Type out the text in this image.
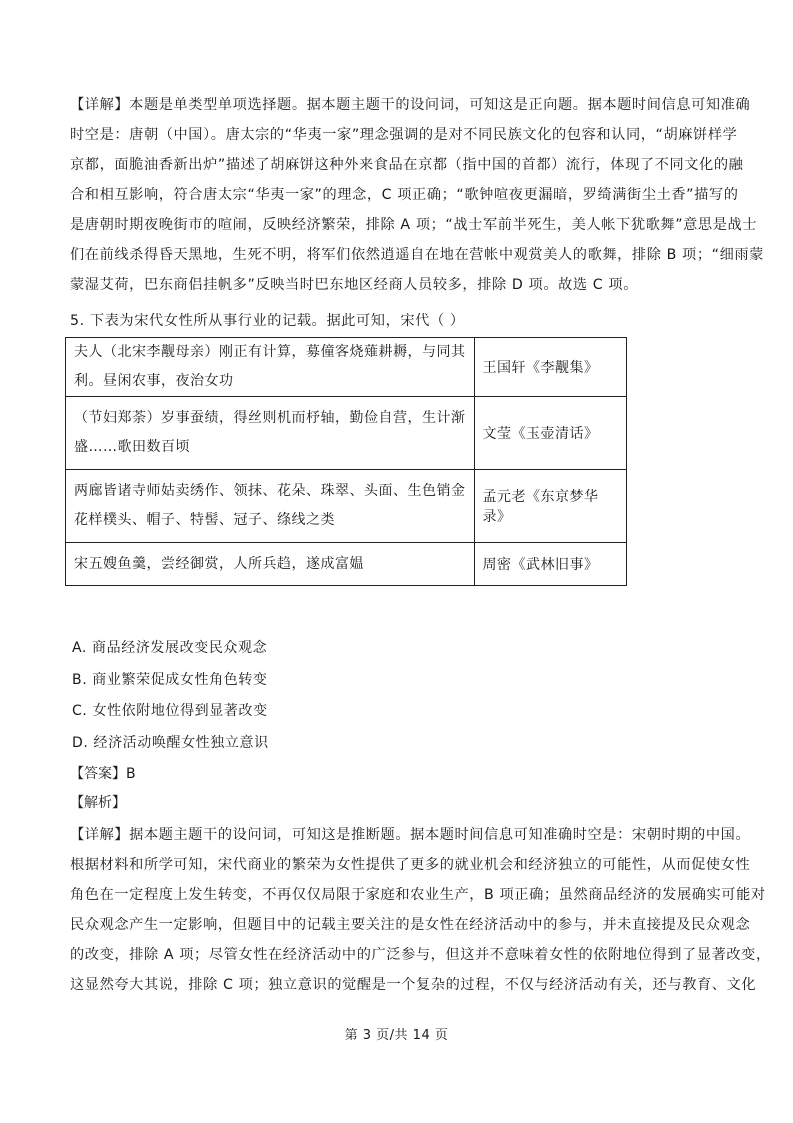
【详解】本题是单类型单项选择题。据本题主题干的设问词，可知这是正向题。据本题时间信息可知准确
时空是：唐朝（中国）。唐太宗的“华夷一家”理念强调的是对不同民族文化的包容和认同，“胡麻饼样学
京都，面脆油香新出炉”描述了胡麻饼这种外来食品在京都（指中国的首都）流行，体现了不同文化的融
合和相互影响，符合唐太宗“华夷一家”的理念，C 项正确；“歌钟喧夜更漏暗，罗绮满街尘土香”描写的
是唐朝时期夜晚街市的喧闹，反映经济繁荣，排除 A 项；“战士军前半死生，美人帐下犹歌舞”意思是战士
们在前线杀得昏天黑地，生死不明，将军们依然逍遥自在地在营帐中观赏美人的歌舞，排除 B 项；“细雨蒙
蒙湿艾荷，巴东商侣挂帆多”反映当时巴东地区经商人员较多，排除 D 项。故选 C 项。

5. 下表为宋代女性所从事行业的记载。据此可知，宋代（ ）

夫人（北宋李觏母亲）刚正有计算，募僮客烧薙耕耨，与同其
利。昼闲农事，夜治女功	王国轩《李觏集》

（节妇郑荼）岁事蚕绩，得丝则机而杼轴，勤俭自营，生计渐
盛……歌田数百顷	文莹《玉壶清话》

两廊皆诸寺师姑卖绣作、领抹、花朵、珠翠、头面、生色销金
花样樸头、帽子、特髻、冠子、绦线之类	孟元老《东京梦华录》

宋五嫂鱼羹，尝经御赏，人所兵趋，遂成富媪	周密《武林旧事》
A. 商品经济发展改变民众观念
B. 商业繁荣促成女性角色转变
C. 女性依附地位得到显著改变
D. 经济活动唤醒女性独立意识
【答案】B
【解析】
【详解】据本题主题干的设问词，可知这是推断题。据本题时间信息可知准确时空是：宋朝时期的中国。
根据材料和所学可知，宋代商业的繁荣为女性提供了更多的就业机会和经济独立的可能性，从而促使女性
角色在一定程度上发生转变，不再仅仅局限于家庭和农业生产，B 项正确；虽然商品经济的发展确实可能对
民众观念产生一定影响，但题目中的记载主要关注的是女性在经济活动中的参与，并未直接提及民众观念
的改变，排除 A 项；尽管女性在经济活动中的广泛参与，但这并不意味着女性的依附地位得到了显著改变，
这显然夸大其说，排除 C 项；独立意识的觉醒是一个复杂的过程，不仅与经济活动有关，还与教育、文化
第 3 页/共 14 页
